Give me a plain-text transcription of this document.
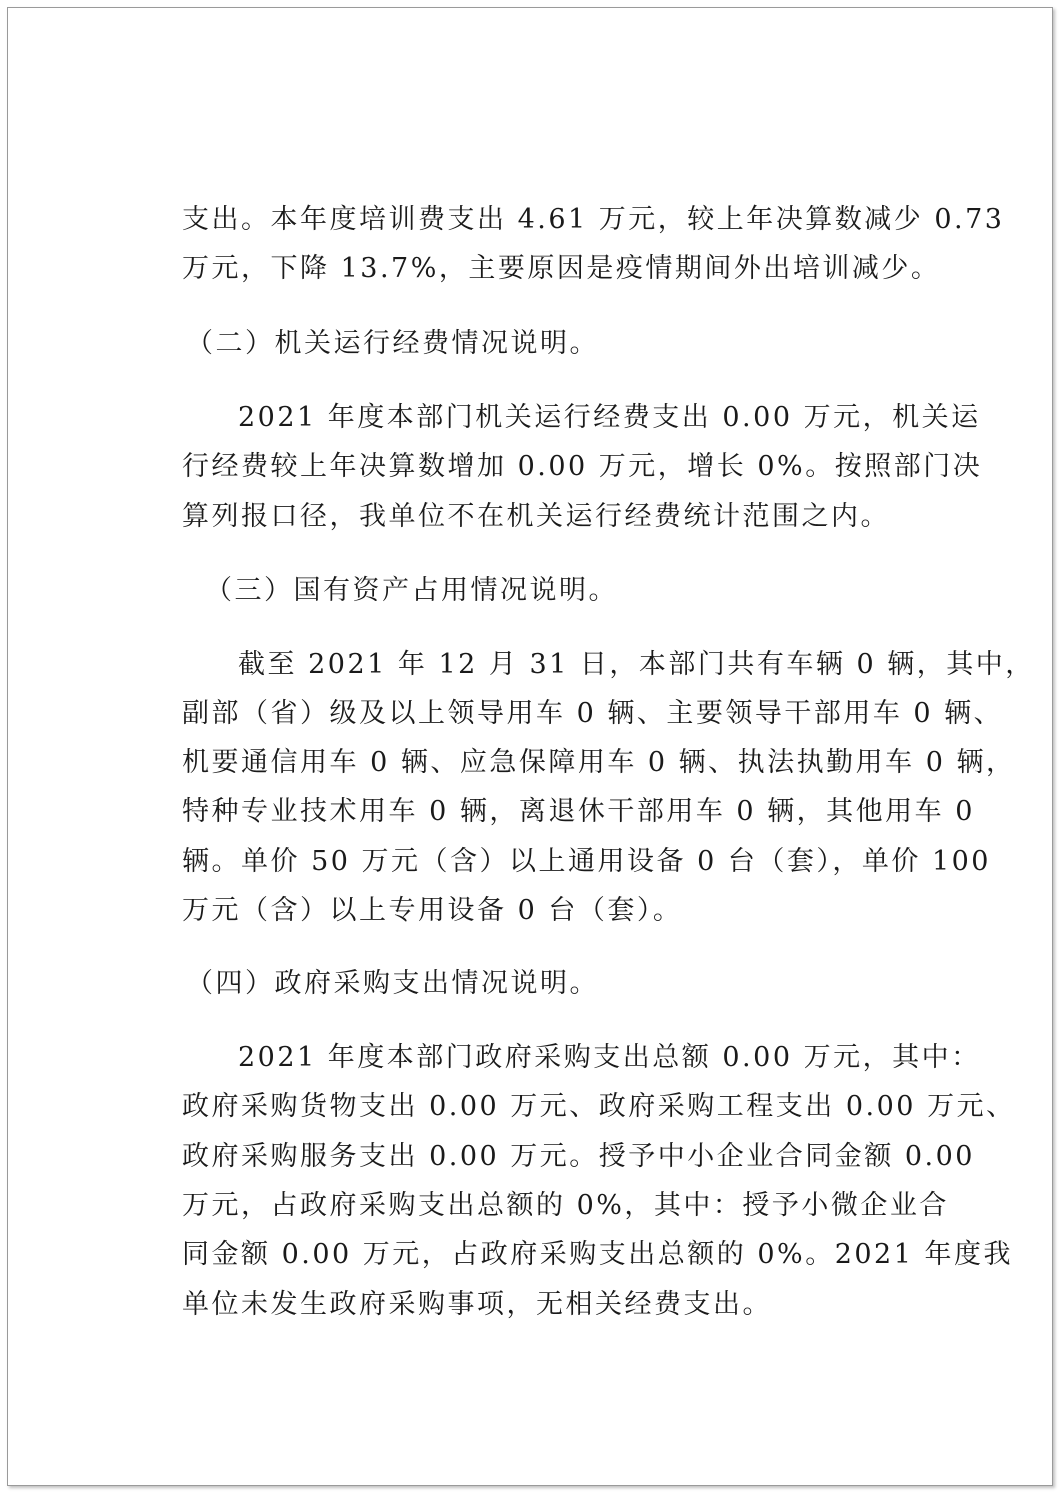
支出。本年度培训费支出 4.61 万元，较上年决算数减少 0.73
万元，下降 13.7%，主要原因是疫情期间外出培训减少。
（二）机关运行经费情况说明。
2021 年度本部门机关运行经费支出 0.00 万元，机关运
行经费较上年决算数增加 0.00 万元，增长 0%。按照部门决
算列报口径，我单位不在机关运行经费统计范围之内。
（三）国有资产占用情况说明。
截至 2021 年 12 月 31 日，本部门共有车辆 0 辆，其中，
副部（省）级及以上领导用车 0 辆、主要领导干部用车 0 辆、
机要通信用车 0 辆、应急保障用车 0 辆、执法执勤用车 0 辆，
特种专业技术用车 0 辆，离退休干部用车 0 辆，其他用车 0
辆。单价 50 万元（含）以上通用设备 0 台（套），单价 100
万元（含）以上专用设备 0 台（套）。
（四）政府采购支出情况说明。
2021 年度本部门政府采购支出总额 0.00 万元，其中：
政府采购货物支出 0.00 万元、政府采购工程支出 0.00 万元、
政府采购服务支出 0.00 万元。授予中小企业合同金额 0.00
万元，占政府采购支出总额的 0%，其中：授予小微企业合
同金额 0.00 万元，占政府采购支出总额的 0%。2021 年度我
单位未发生政府采购事项，无相关经费支出。
